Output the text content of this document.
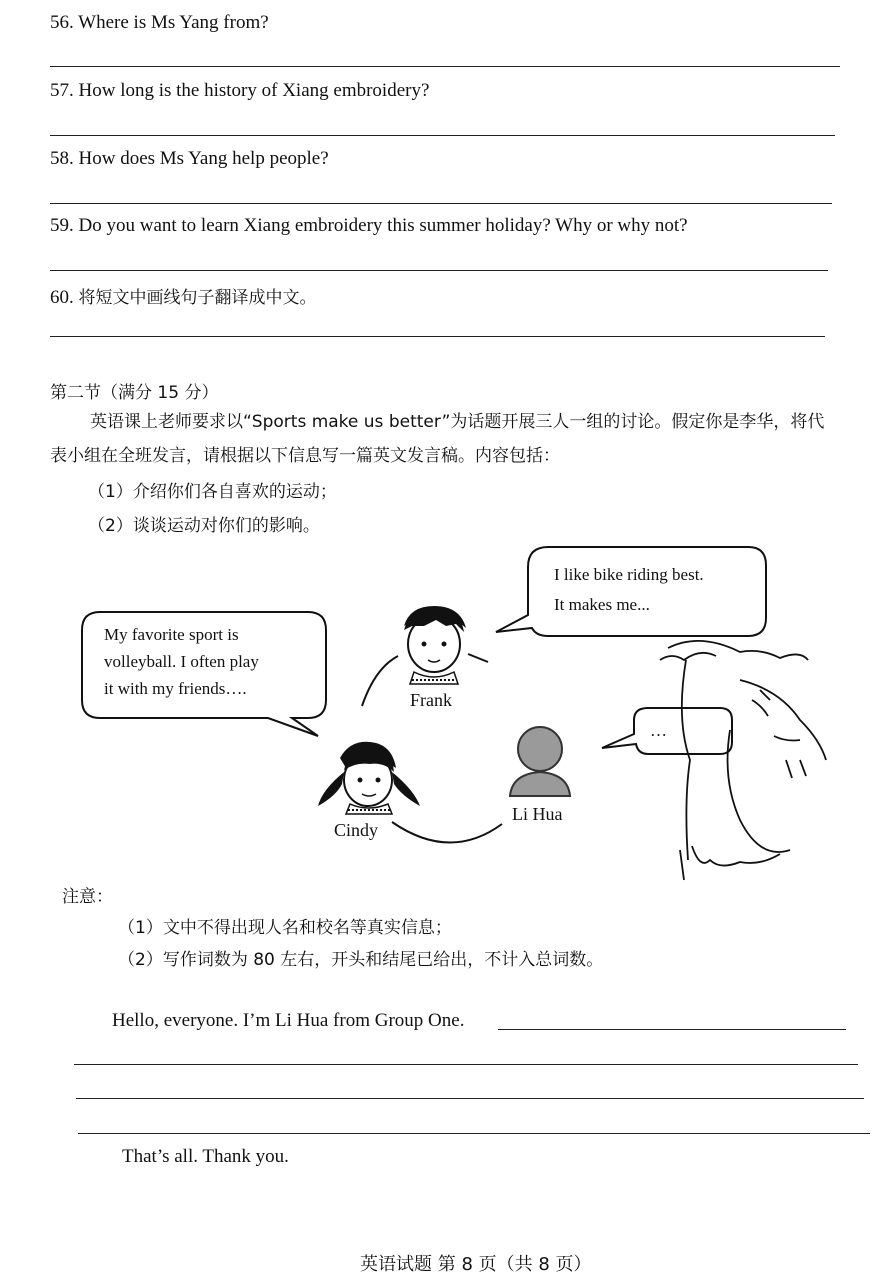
56. Where is Ms Yang from?
57. How long is the history of Xiang embroidery?
58. How does Ms Yang help people?
59. Do you want to learn Xiang embroidery this summer holiday? Why or why not?
60. 将短文中画线句子翻译成中文。
第二节（满分 15 分）
英语课上老师要求以“Sports make us better”为话题开展三人一组的讨论。假定你是李华，将代表小组在全班发言，请根据以下信息写一篇英文发言稿。内容包括：
（1）介绍你们各自喜欢的运动；
（2）谈谈运动对你们的影响。
My favorite sport is
volleyball. I often play
it with my friends….
I like bike riding best.
It makes me...
…
Frank
Cindy
Li Hua
注意：
（1）文中不得出现人名和校名等真实信息；
（2）写作词数为 80 左右，开头和结尾已给出，不计入总词数。
Hello, everyone. I’m Li Hua from Group One.
That’s all. Thank you.
英语试题 第 8 页（共 8 页）
